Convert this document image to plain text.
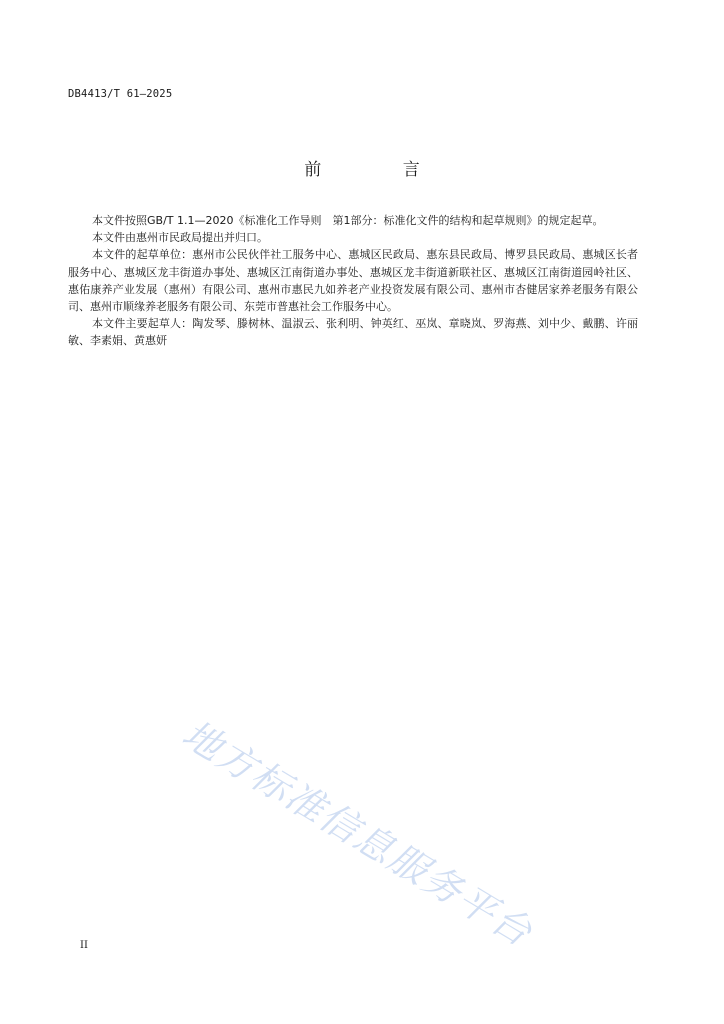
DB4413/T 61—2025
前 言

本文件按照GB/T 1.1—2020《标准化工作导则　第1部分：标准化文件的结构和起草规则》的规定起草。

本文件由惠州市民政局提出并归口。

本文件的起草单位：惠州市公民伙伴社工服务中心、惠城区民政局、惠东县民政局、博罗县民政局、惠城区长者服务中心、惠城区龙丰街道办事处、惠城区江南街道办事处、惠城区龙丰街道新联社区、惠城区江南街道园岭社区、惠佑康养产业发展（惠州）有限公司、惠州市惠民九如养老产业投资发展有限公司、惠州市杏健居家养老服务有限公司、惠州市顺缘养老服务有限公司、东莞市普惠社会工作服务中心。

本文件主要起草人：陶发琴、滕树林、温淑云、张利明、钟英红、巫岚、章晓岚、罗海燕、刘中少、戴鹏、许丽敏、李素娟、黄惠妍

地方标准信息服务平台
II
